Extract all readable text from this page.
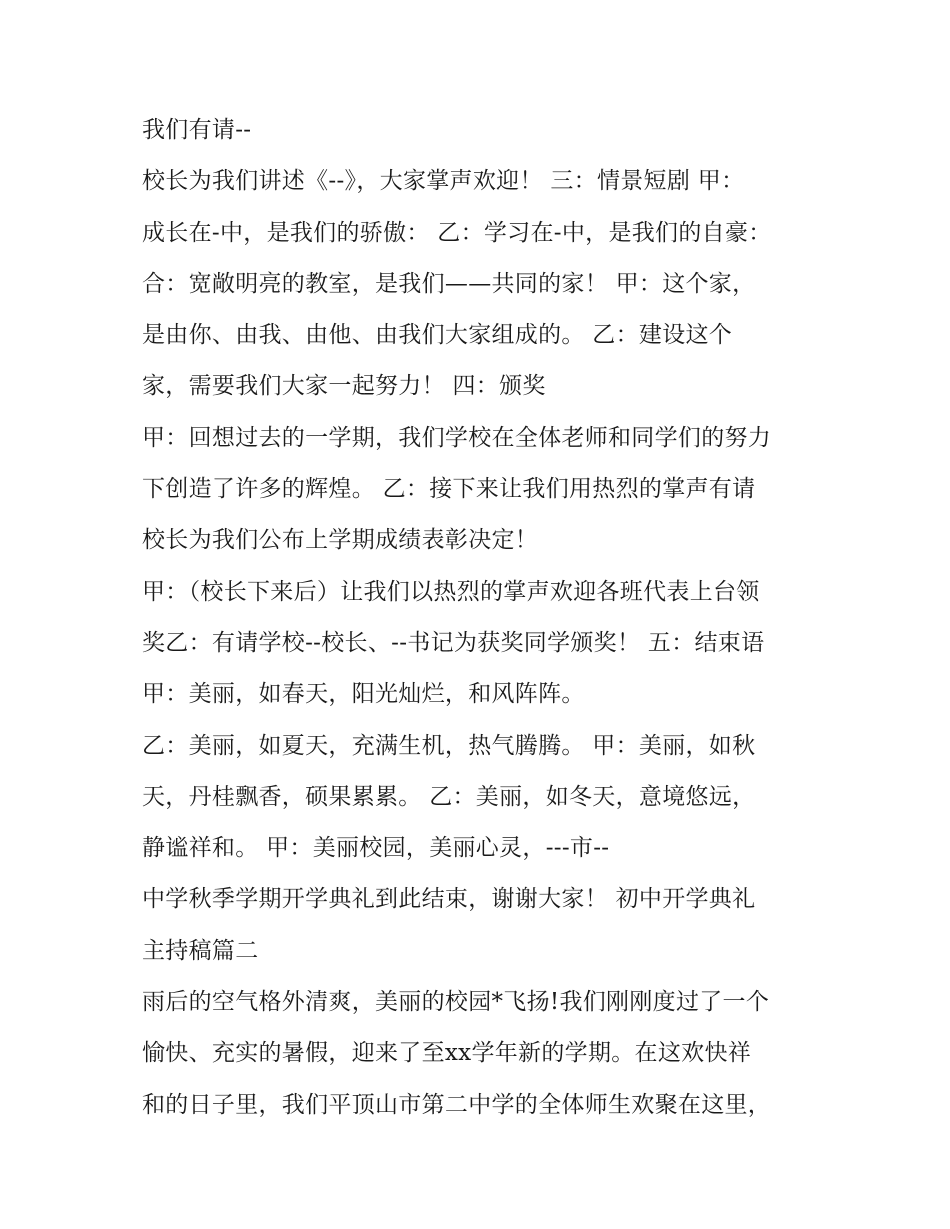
我们有请--
校长为我们讲述《--》，大家掌声欢迎！ 三：情景短剧 甲：
成长在-中，是我们的骄傲： 乙：学习在-中，是我们的自豪：
合：宽敞明亮的教室，是我们——共同的家！ 甲：这个家，
是由你、由我、由他、由我们大家组成的。 乙：建设这个
家，需要我们大家一起努力！ 四：颁奖
甲：回想过去的一学期，我们学校在全体老师和同学们的努力
下创造了许多的辉煌。 乙：接下来让我们用热烈的掌声有请
校长为我们公布上学期成绩表彰决定！
甲：（校长下来后）让我们以热烈的掌声欢迎各班代表上台领
奖乙：有请学校--校长、--书记为获奖同学颁奖！ 五：结束语
甲：美丽，如春天，阳光灿烂，和风阵阵。
乙：美丽，如夏天，充满生机，热气腾腾。 甲：美丽，如秋
天，丹桂飘香，硕果累累。 乙：美丽，如冬天，意境悠远，
静谧祥和。 甲：美丽校园，美丽心灵，---市--
中学秋季学期开学典礼到此结束，谢谢大家！ 初中开学典礼
主持稿篇二
雨后的空气格外清爽，美丽的校园*飞扬!我们刚刚度过了一个
愉快、充实的暑假，迎来了至xx学年新的学期。在这欢快祥
和的日子里，我们平顶山市第二中学的全体师生欢聚在这里，
